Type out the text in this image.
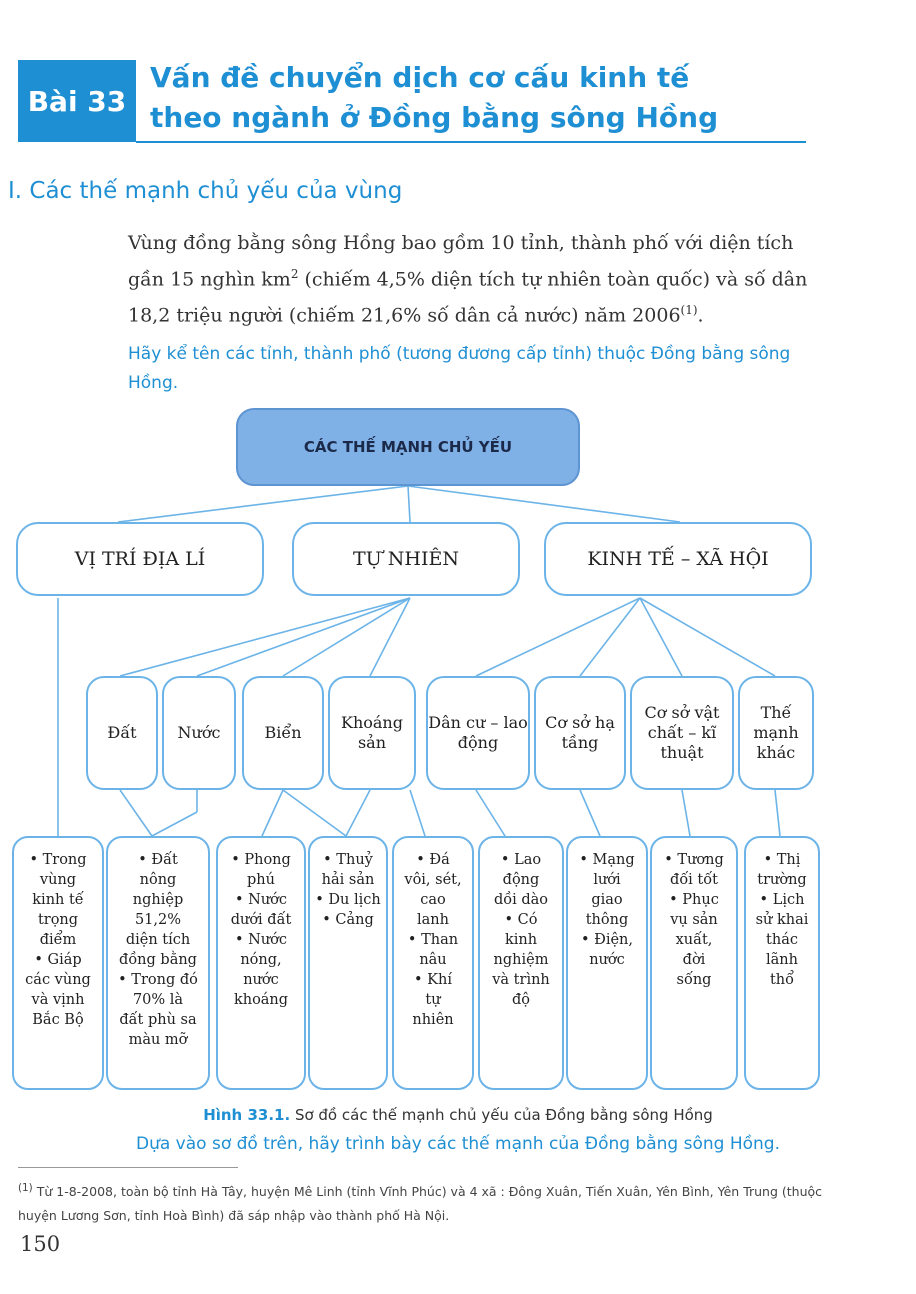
Bài 33
Vấn đề chuyển dịch cơ cấu kinh tế
theo ngành ở Đồng bằng sông Hồng
I. Các thế mạnh chủ yếu của vùng
Vùng đồng bằng sông Hồng bao gồm 10 tỉnh, thành phố với diện tích gần 15 nghìn $km^2$ (chiếm 4,5% diện tích tự nhiên toàn quốc) và số dân 18,2 triệu người (chiếm 21,6% số dân cả nước) năm 2006$^{(1)}$.
Hãy kể tên các tỉnh, thành phố (tương đương cấp tỉnh) thuộc Đồng bằng sông Hồng.
CÁC THẾ MẠNH CHỦ YẾU
VỊ TRÍ ĐỊA LÍ	TỰ NHIÊN	KINH TẾ – XÃ HỘI
Đất	Nước	Biển
Khoáng sản
Dân cư – lao động
Cơ sở hạ tầng
Cơ sở vật chất – kĩ thuật
Thế mạnh khác
• Trong
vùng
kinh tế
trọng
điểm
• Giáp
các vùng
và vịnh
Bắc Bộ
• Đất
nông
nghiệp
51,2%
diện tích
đồng bằng
• Trong đó
70% là
đất phù sa
màu mỡ
• Phong
phú
• Nước
dưới đất
• Nước
nóng,
nước
khoáng
• Thuỷ
hải sản
• Du lịch
• Cảng
• Đá
vôi, sét,
cao
lanh
• Than
nâu
• Khí
tự
nhiên
• Lao
động
dồi dào
• Có
kinh
nghiệm
và trình
độ
• Mạng
lưới
giao
thông
• Điện,
nước
• Tương
đối tốt
• Phục
vụ sản
xuất,
đời
sống
• Thị
trường
• Lịch
sử khai
thác
lãnh
thổ
Hình 33.1. Sơ đồ các thế mạnh chủ yếu của Đồng bằng sông Hồng
Dựa vào sơ đồ trên, hãy trình bày các thế mạnh của Đồng bằng sông Hồng.
$^{(1)}$ Từ 1-8-2008, toàn bộ tỉnh Hà Tây, huyện Mê Linh (tỉnh Vĩnh Phúc) và 4 xã : Đông Xuân, Tiến Xuân, Yên Bình, Yên Trung (thuộc huyện Lương Sơn, tỉnh Hoà Bình) đã sáp nhập vào thành phố Hà Nội.
150
